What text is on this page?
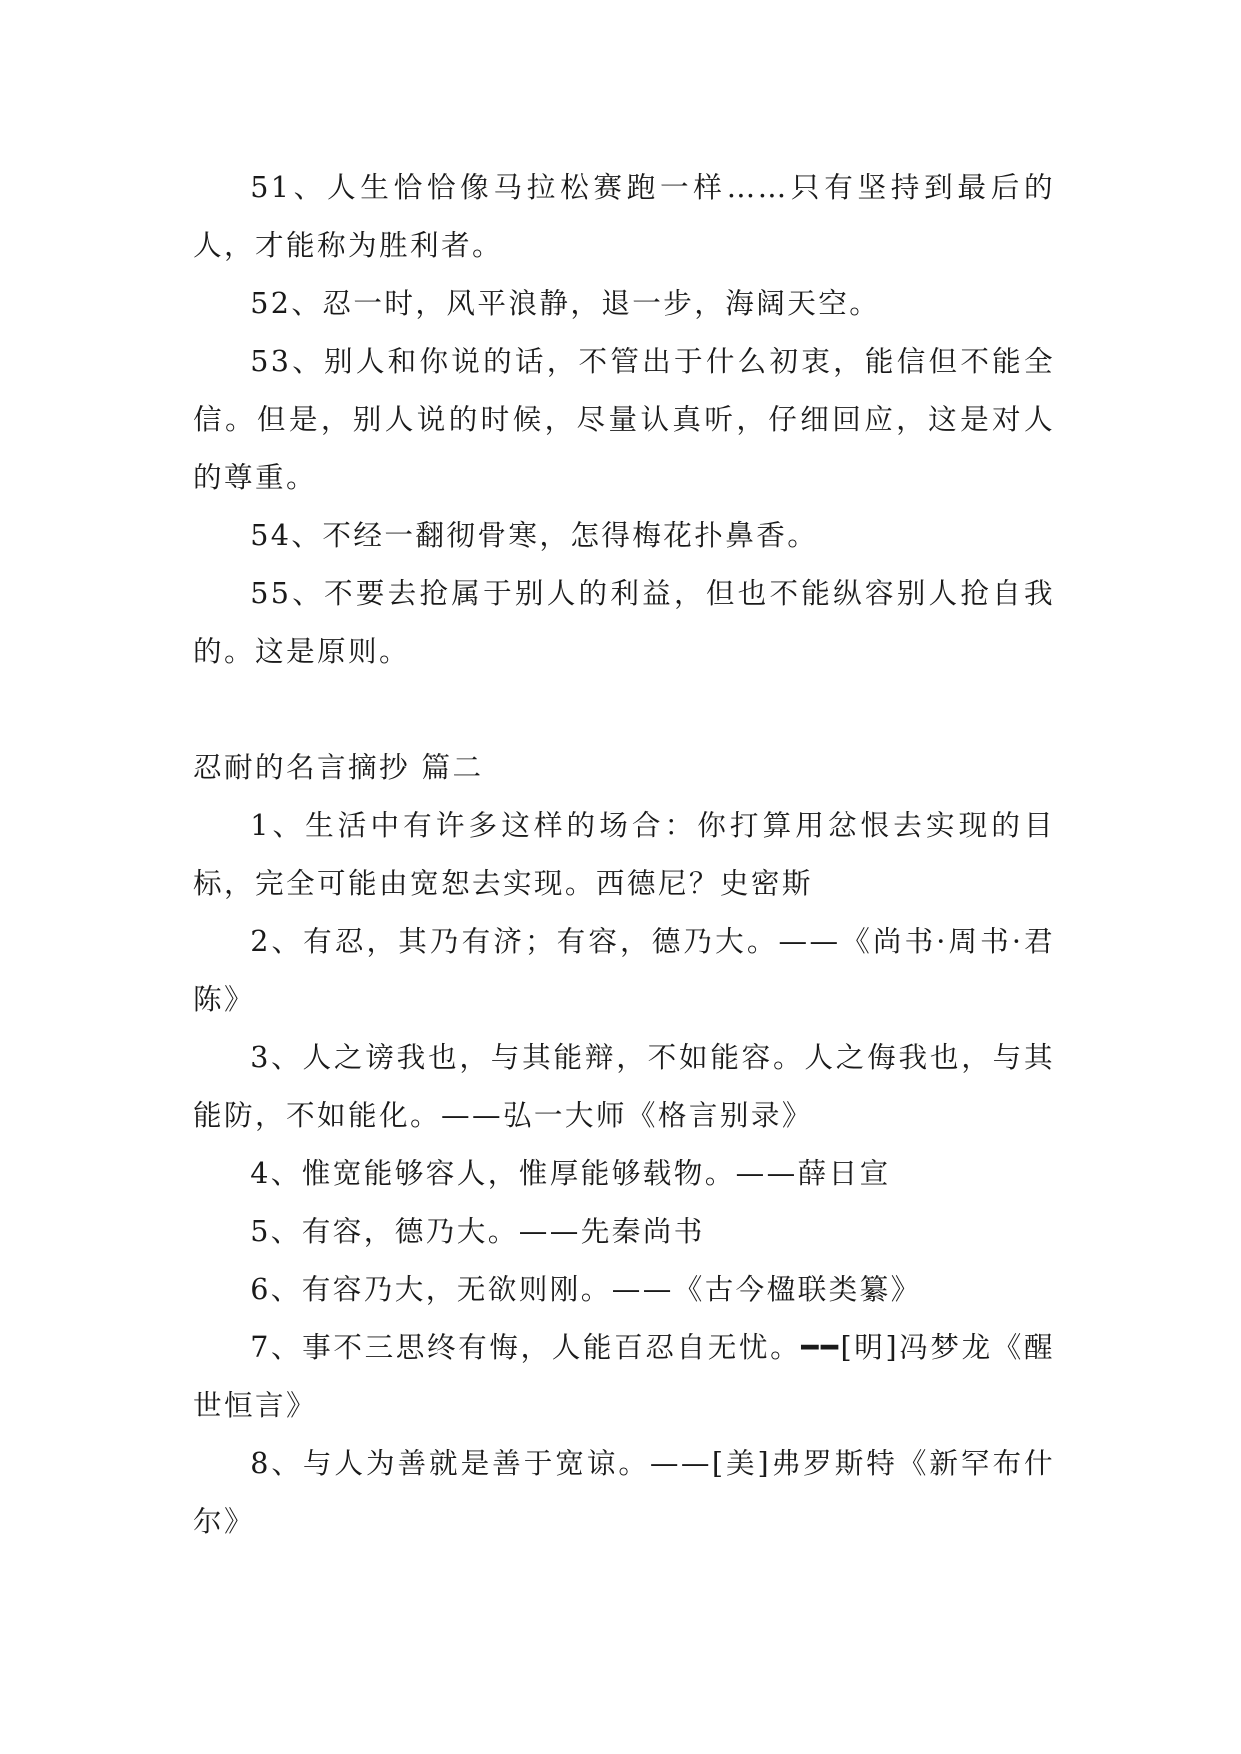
51、人生恰恰像马拉松赛跑一样……只有坚持到最后的人，才能称为胜利者。

52、忍一时，风平浪静，退一步，海阔天空。

53、别人和你说的话，不管出于什么初衷，能信但不能全信。但是，别人说的时候，尽量认真听，仔细回应，这是对人的尊重。

54、不经一翻彻骨寒，怎得梅花扑鼻香。

55、不要去抢属于别人的利益，但也不能纵容别人抢自我的。这是原则。

忍耐的名言摘抄 篇二

1、生活中有许多这样的场合：你打算用忿恨去实现的目标，完全可能由宽恕去实现。西德尼？史密斯

2、有忍，其乃有济；有容，德乃大。——《尚书·周书·君陈》

3、人之谤我也，与其能辩，不如能容。人之侮我也，与其能防，不如能化。——弘一大师《格言别录》

4、惟宽能够容人，惟厚能够载物。——薛日宣

5、有容，德乃大。——先秦尚书

6、有容乃大，无欲则刚。——《古今楹联类纂》

7、事不三思终有悔，人能百忍自无忧。━━[明]冯梦龙《醒世恒言》

8、与人为善就是善于宽谅。——[美]弗罗斯特《新罕布什尔》
